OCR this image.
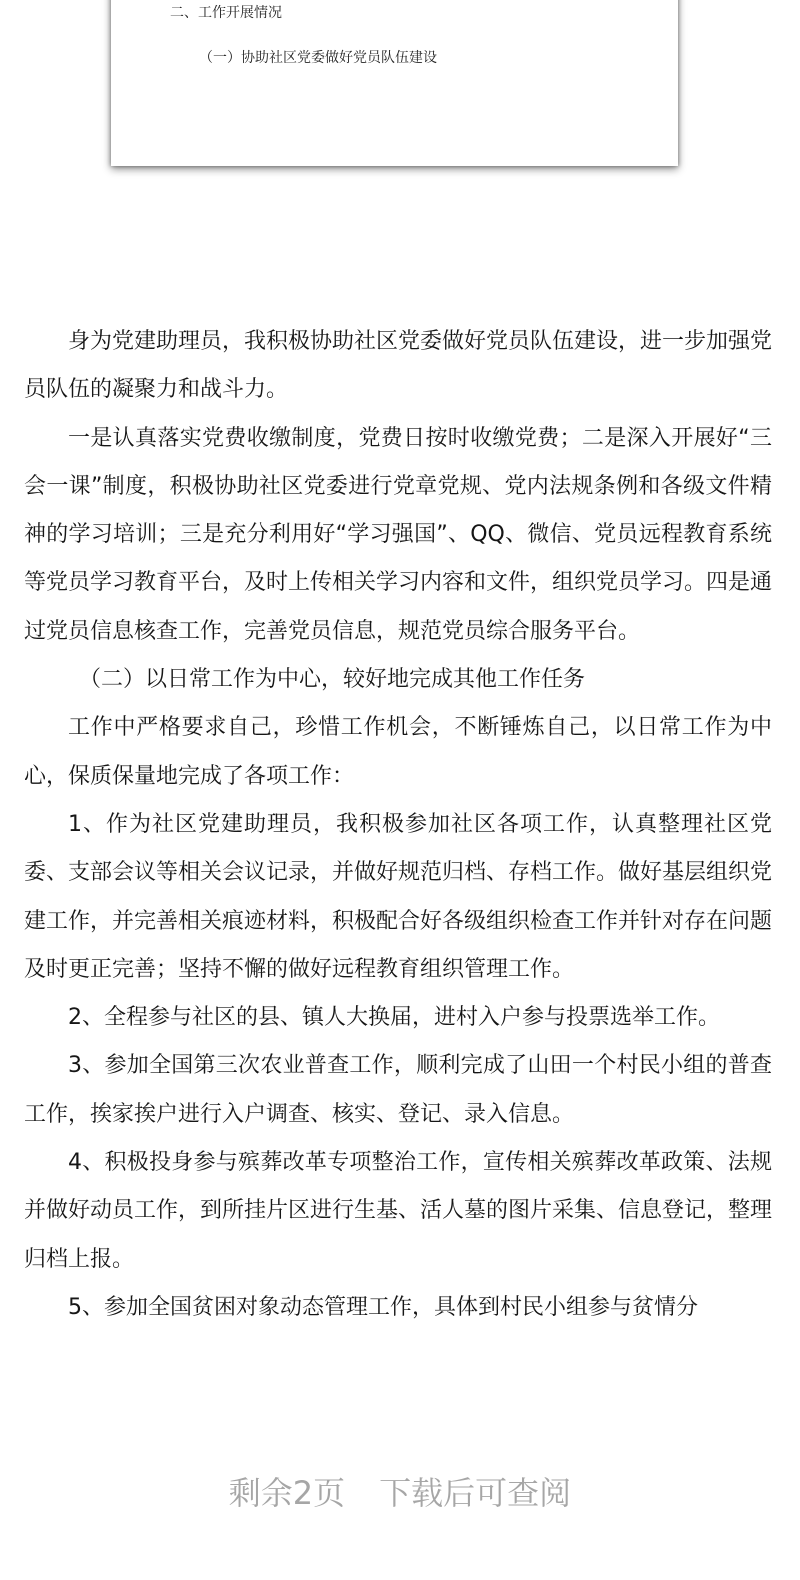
二、工作开展情况
（一）协助社区党委做好党员队伍建设

身为党建助理员，我积极协助社区党委做好党员队伍建设，进一步加强党员队伍的凝聚力和战斗力。

一是认真落实党费收缴制度，党费日按时收缴党费；二是深入开展好“三会一课”制度，积极协助社区党委进行党章党规、党内法规条例和各级文件精神的学习培训；三是充分利用好“学习强国”、QQ、微信、党员远程教育系统等党员学习教育平台，及时上传相关学习内容和文件，组织党员学习。四是通过党员信息核查工作，完善党员信息，规范党员综合服务平台。

（二）以日常工作为中心，较好地完成其他工作任务

工作中严格要求自己，珍惜工作机会，不断锤炼自己，以日常工作为中心，保质保量地完成了各项工作：

1、作为社区党建助理员，我积极参加社区各项工作，认真整理社区党委、支部会议等相关会议记录，并做好规范归档、存档工作。做好基层组织党建工作，并完善相关痕迹材料，积极配合好各级组织检查工作并针对存在问题及时更正完善；坚持不懈的做好远程教育组织管理工作。

2、全程参与社区的县、镇人大换届，进村入户参与投票选举工作。

3、参加全国第三次农业普查工作，顺利完成了山田一个村民小组的普查工作，挨家挨户进行入户调查、核实、登记、录入信息。

4、积极投身参与殡葬改革专项整治工作，宣传相关殡葬改革政策、法规并做好动员工作，到所挂片区进行生基、活人墓的图片采集、信息登记，整理归档上报。

5、参加全国贫困对象动态管理工作，具体到村民小组参与贫情分

剩余2页 下载后可查阅
